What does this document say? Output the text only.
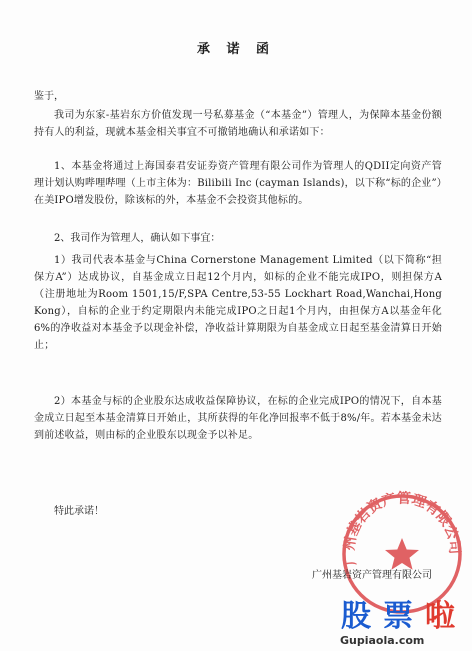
承 诺 函
鉴于，
我司为东家-基岩东方价值发现一号私募基金（“本基金”）管理人，为保障本基金份额持有人的利益，现就本基金相关事宜不可撤销地确认和承诺如下：
1、本基金将通过上海国泰君安证券资产管理有限公司作为管理人的QDII定向资产管理计划认购哔哩哔哩（上市主体为：Bilibili Inc (cayman Islands)，以下称“标的企业”）在美IPO增发股份，除该标的外，本基金不会投资其他标的。
2、我司作为管理人，确认如下事宜：
1）我司代表本基金与China Cornerstone Management Limited（以下简称“担保方A”）达成协议，自基金成立日起12个月内，如标的企业不能完成IPO，则担保方A（注册地址为Room 1501,15/F,SPA Centre,53-55 Lockhart Road,Wanchai,Hong Kong），自标的企业于约定期限内未能完成IPO之日起1个月内，由担保方A以基金年化6%的净收益对本基金予以现金补偿，净收益计算期限为自基金成立日起至基金清算日开始止；
2）本基金与标的企业股东达成收益保障协议，在标的企业完成IPO的情况下，自本基金成立日起至本基金清算日开始止，其所获得的年化净回报率不低于8%/年。若本基金未达到前述收益，则由标的企业股东以现金予以补足。
特此承诺！
广州基岩资产管理有限公司
广州基岩资产管理有限公司
股 票 啦
Gupiaola.com
